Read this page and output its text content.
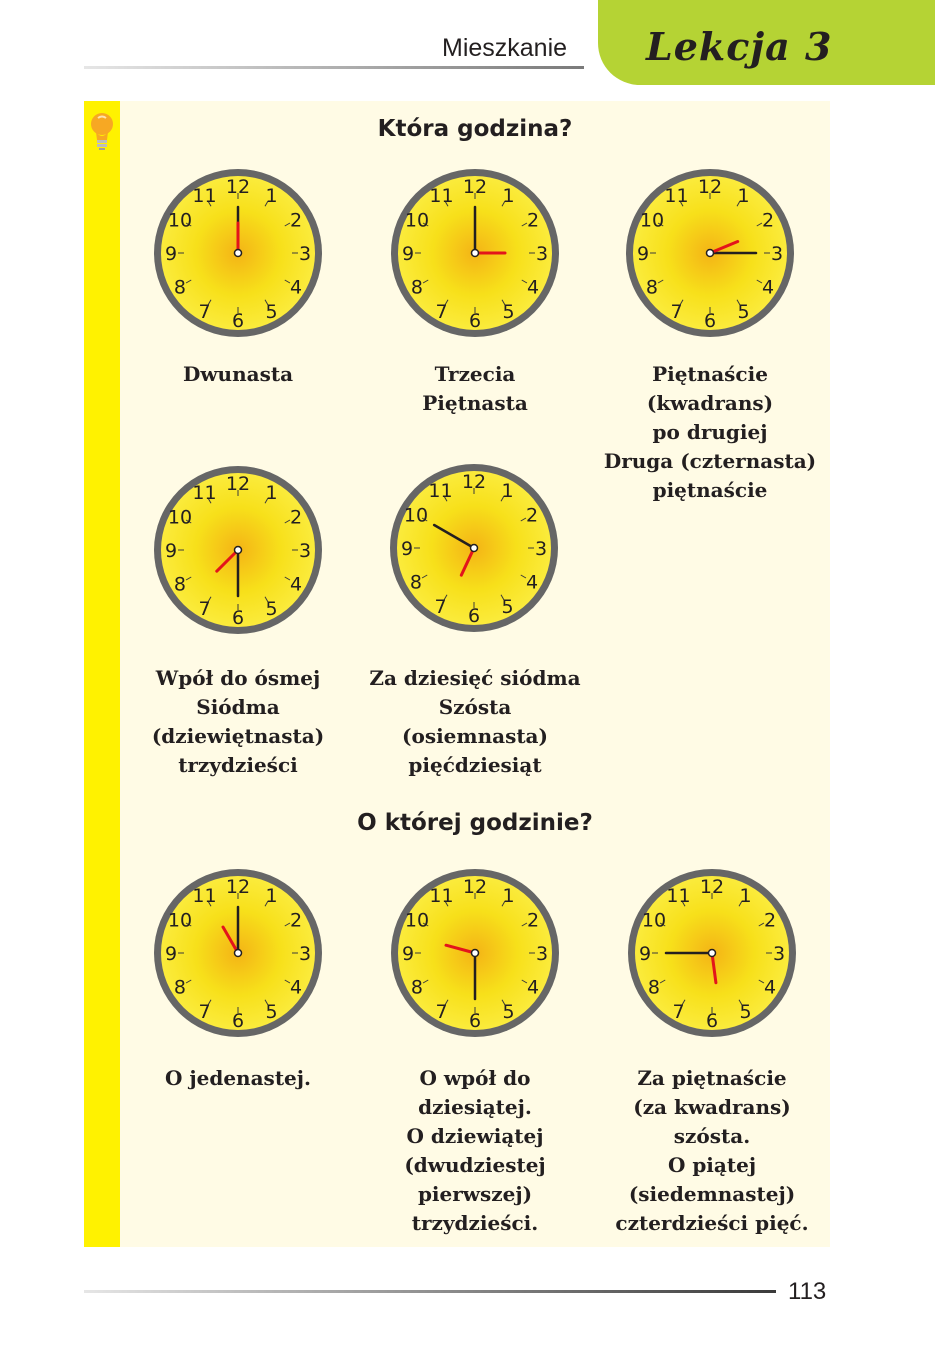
Mieszkanie Lekcja 3
Która godzina?
1
2
3
4
5
6
7
8
9
10
11 12	1
2
3
4
5
6
7
8
9
10
11 12	1
2
3
4
5
6
7
8
9
10
11 12
1
2
3
4
5
6
7
8
9
10
11 12	1
2
3
4
5
6
7
8
9
10
11 12
Dwunasta	Trzecia
Piętnasta
Piętnaście
(kwadrans)
po drugiej
Druga (czternasta)
piętnaście
Wpół do ósmej
Siódma
(dziewiętnasta)
trzydzieści
Za dziesięć siódma
Szósta
(osiemnasta)
pięćdziesiąt
O której godzinie?
1
2
3
4
5
6
7
8
9
10
11 12	1
2
3
4
5
6
7
8
9
10
11 12	1
2
3
4
5
6
7
8
9
10
11 12
O jedenastej.	O wpół do
dziesiątej.
O dziewiątej
(dwudziestej
pierwszej)
trzydzieści.
Za piętnaście
(za kwadrans)
szósta.
O piątej
(siedemnastej)
czterdzieści pięć.
113
